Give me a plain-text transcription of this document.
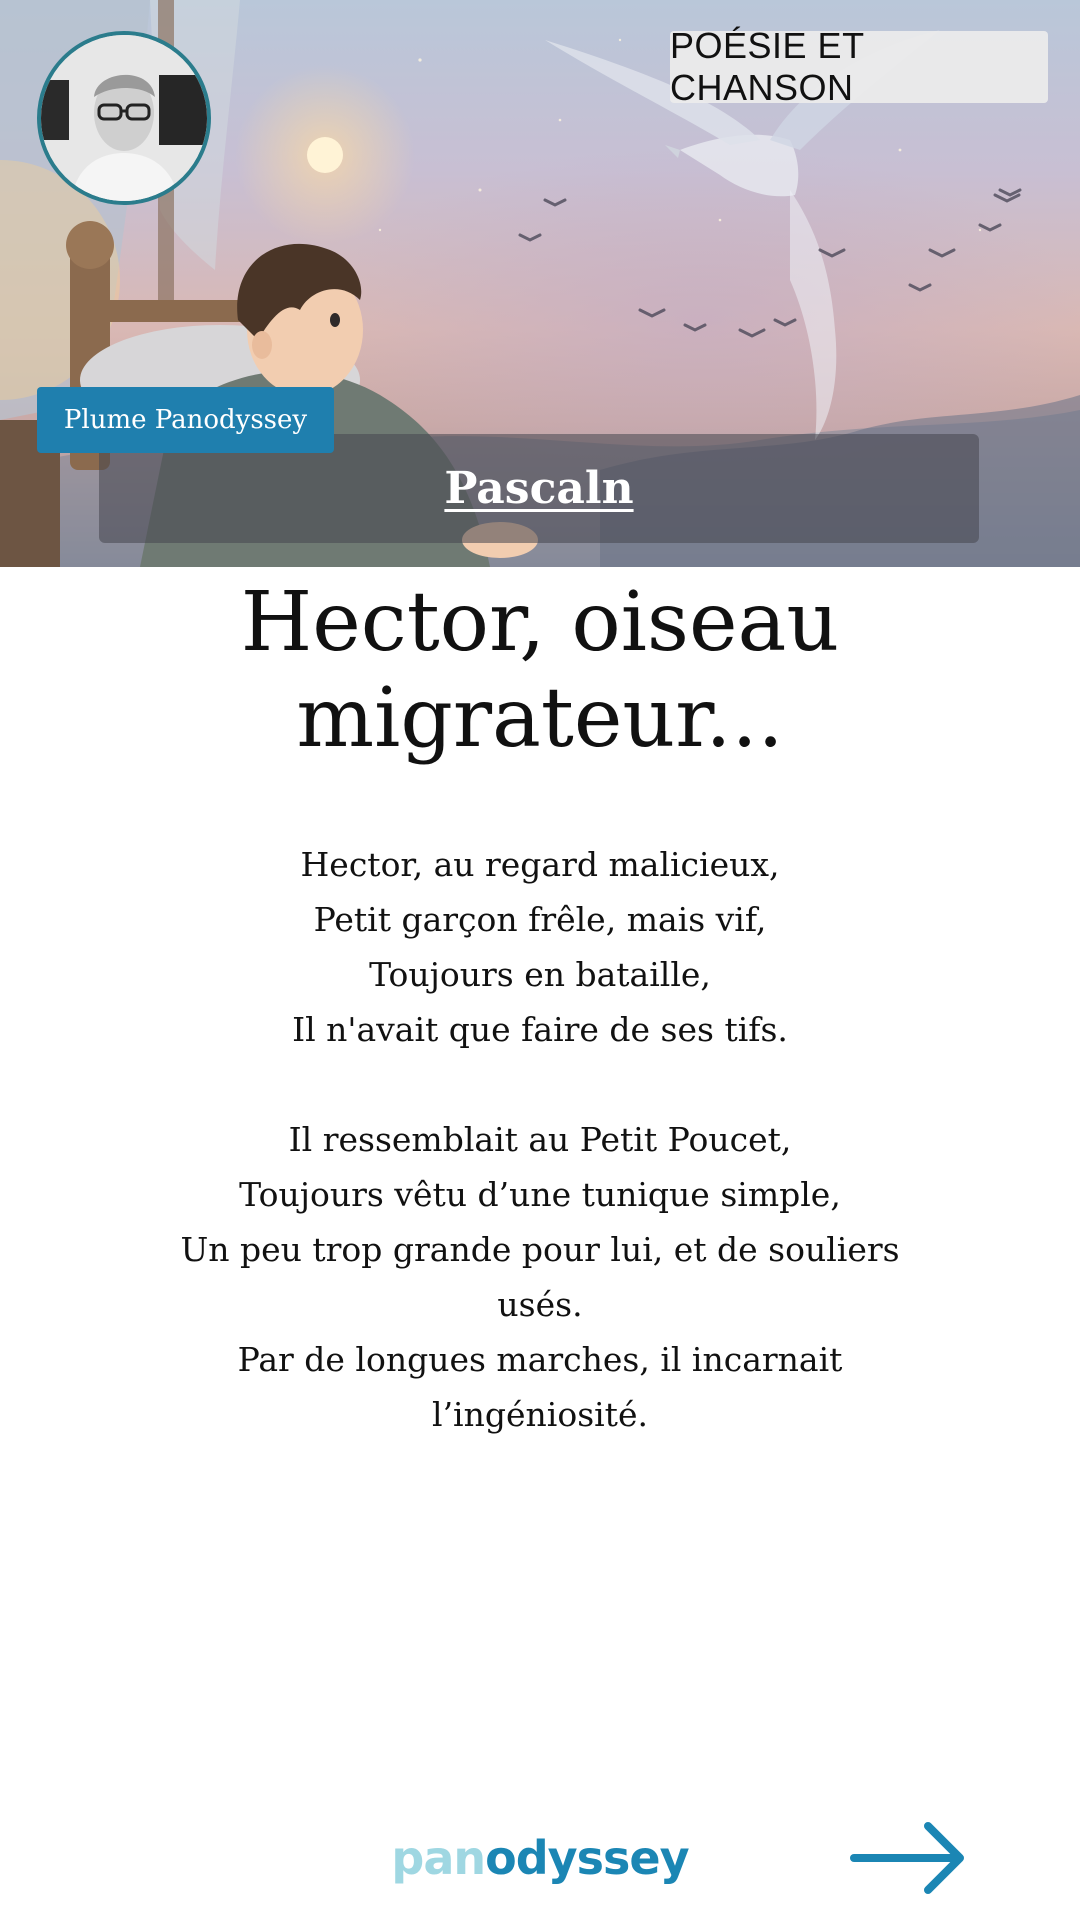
POÉSIE ET CHANSON
Plume Panodyssey
Pascaln
Hector, oiseau migrateur...
Hector, au regard malicieux,
Petit garçon frêle, mais vif,
Toujours en bataille,
Il n'avait que faire de ses tifs.
Il ressemblait au Petit Poucet,
Toujours vêtu d’une tunique simple,
Un peu trop grande pour lui, et de souliers usés.
Par de longues marches, il incarnait l’ingéniosité.
pan odyssey
